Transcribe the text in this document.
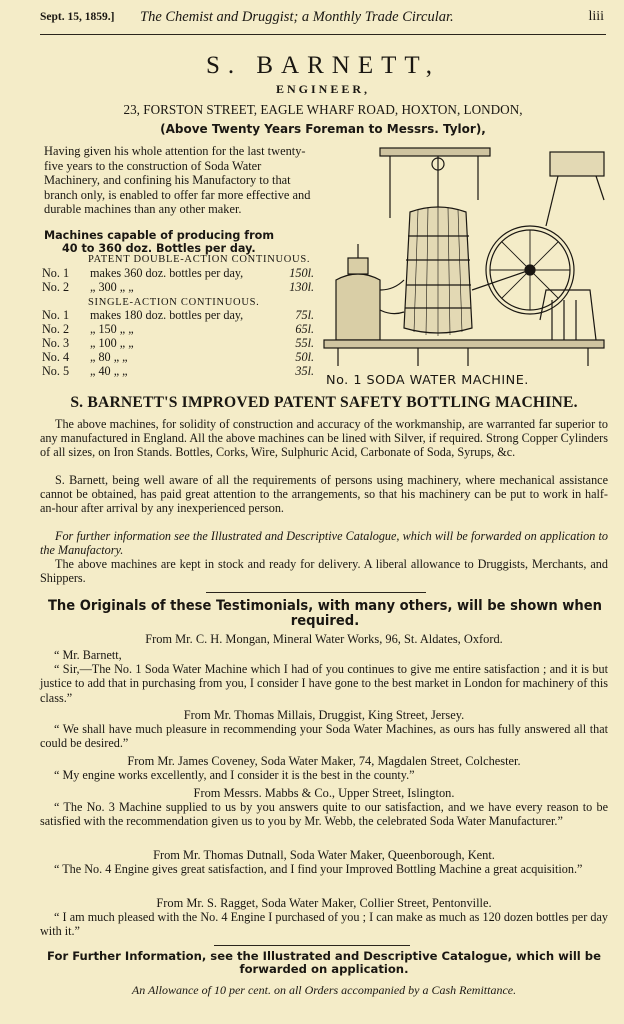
Sept. 15, 1859.] The Chemist and Druggist; a Monthly Trade Circular.	liii
S. BARNETT,
ENGINEER,
23, FORSTON STREET, EAGLE WHARF ROAD, HOXTON, LONDON,
(Above Twenty Years Foreman to Messrs. Tylor),
Having given his whole attention for the last twenty-five years to the construction of Soda Water Machinery, and confining his Manufactory to that branch only, is enabled to offer far more effective and durable machines than any other maker.
Machines capable of producing from
40 to 360 doz. Bottles per day.
PATENT DOUBLE-ACTION CONTINUOUS.
No. 1 makes 360 doz. bottles per day,	150l.
No. 2 „ 300 „ „	130l.
SINGLE-ACTION CONTINUOUS.
No. 1 makes 180 doz. bottles per day,	75l.
No. 2 „ 150 „ „	65l.
No. 3 „ 100 „ „	55l.
No. 4 „ 80 „ „	50l.
No. 5 „ 40 „ „	35l.
No. 1 SODA WATER MACHINE.
S. BARNETT'S IMPROVED PATENT SAFETY BOTTLING MACHINE.

The above machines, for solidity of construction and accuracy of the workmanship, are warranted far superior to any manufactured in England. All the above machines can be lined with Silver, if required. Strong Copper Cylinders of all sizes, on Iron Stands. Bottles, Corks, Wire, Sulphuric Acid, Carbonate of Soda, Syrups, &c.

S. Barnett, being well aware of all the requirements of persons using machinery, where mechanical assistance cannot be obtained, has paid great attention to the arrangements, so that his machinery can be put to work in half-an-hour after arrival by any inexperienced person.

For further information see the Illustrated and Descriptive Catalogue, which will be forwarded on application to the Manufactory.

The above machines are kept in stock and ready for delivery. A liberal allowance to Druggists, Merchants, and Shippers.

The Originals of these Testimonials, with many others, will be shown when required.
From Mr. C. H. Mongan, Mineral Water Works, 96, St. Aldates, Oxford.

“ Mr. Barnett,

“ Sir,—The No. 1 Soda Water Machine which I had of you continues to give me entire satisfaction ; and it is but justice to add that in purchasing from you, I consider I have gone to the best market in London for machinery of this class.”

From Mr. Thomas Millais, Druggist, King Street, Jersey.

“ We shall have much pleasure in recommending your Soda Water Machines, as ours has fully answered all that could be desired.”

From Mr. James Coveney, Soda Water Maker, 74, Magdalen Street, Colchester.

“ My engine works excellently, and I consider it is the best in the county.”

From Messrs. Mabbs & Co., Upper Street, Islington.

“ The No. 3 Machine supplied to us by you answers quite to our satisfaction, and we have every reason to be satisfied with the recommendation given us to you by Mr. Webb, the celebrated Soda Water Manufacturer.”

From Mr. Thomas Dutnall, Soda Water Maker, Queenborough, Kent.

“ The No. 4 Engine gives great satisfaction, and I find your Improved Bottling Machine a great acquisition.”

From Mr. S. Ragget, Soda Water Maker, Collier Street, Pentonville.

“ I am much pleased with the No. 4 Engine I purchased of you ; I can make as much as 120 dozen bottles per day with it.”

For Further Information, see the Illustrated and Descriptive Catalogue, which will be forwarded on application.
An Allowance of 10 per cent. on all Orders accompanied by a Cash Remittance.
